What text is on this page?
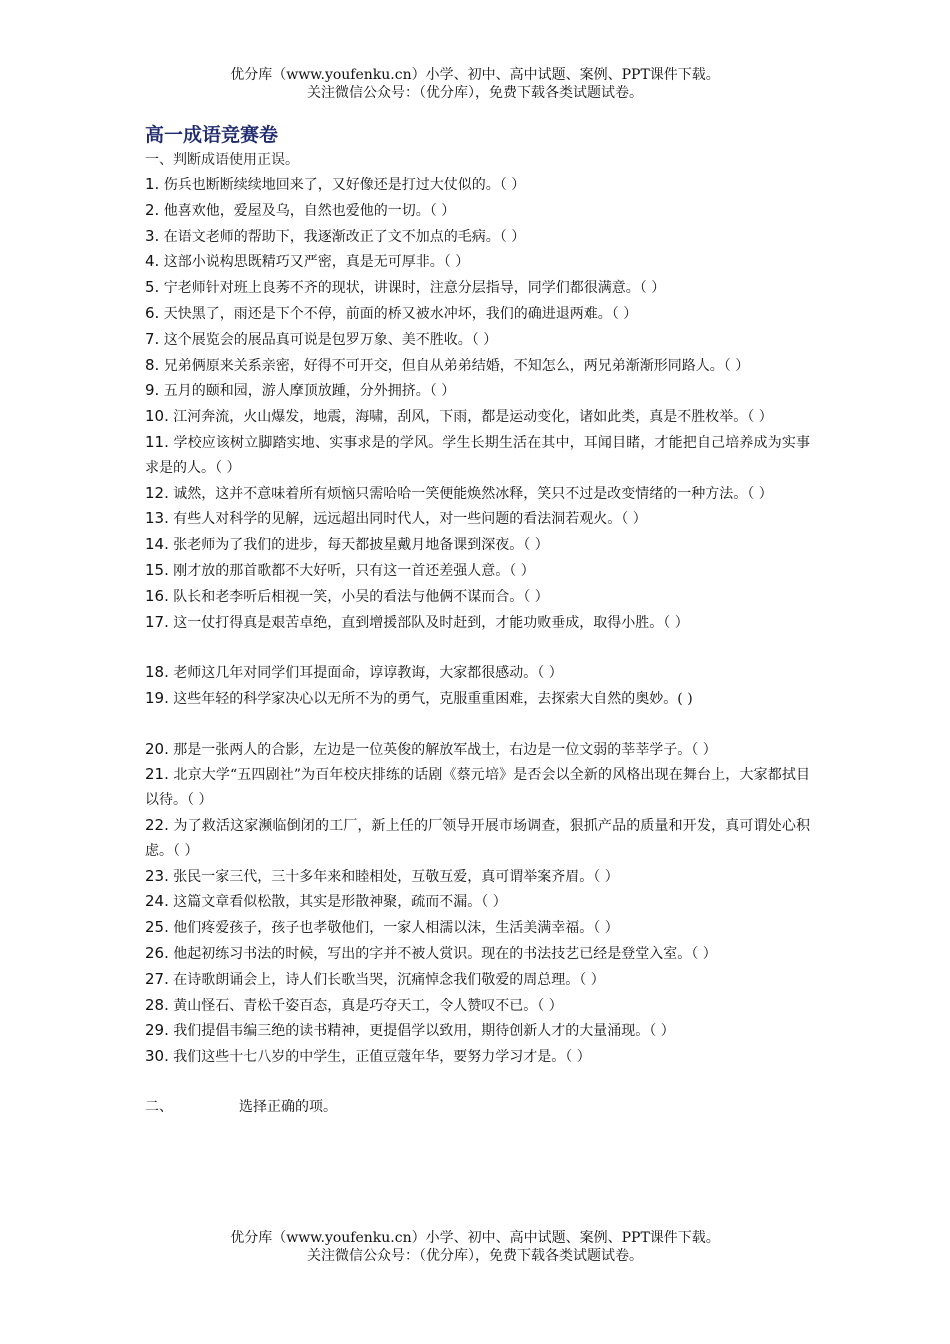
优分库（www.youfenku.cn）小学、初中、高中试题、案例、PPT课件下载。
关注微信公众号：（优分库），免费下载各类试题试卷。
高一成语竞赛卷
一、判断成语使用正误。
1. 伤兵也断断续续地回来了，又好像还是打过大仗似的。（ ）
2. 他喜欢他，爱屋及乌，自然也爱他的一切。（ ）
3. 在语文老师的帮助下，我逐渐改正了文不加点的毛病。（ ）
4. 这部小说构思既精巧又严密，真是无可厚非。（ ）
5. 宁老师针对班上良莠不齐的现状，讲课时，注意分层指导，同学们都很满意。（ ）
6. 天快黑了，雨还是下个不停，前面的桥又被水冲坏，我们的确进退两难。（ ）
7. 这个展览会的展品真可说是包罗万象、美不胜收。（ ）
8. 兄弟俩原来关系亲密，好得不可开交，但自从弟弟结婚，不知怎么，两兄弟渐渐形同路人。（ ）
9. 五月的颐和园，游人摩顶放踵，分外拥挤。（ ）
10. 江河奔流，火山爆发，地震，海啸，刮风，下雨，都是运动变化，诸如此类，真是不胜枚举。（ ）
11. 学校应该树立脚踏实地、实事求是的学风。学生长期生活在其中，耳闻目睹，才能把自己培养成为实事求是的人。（ ）
12. 诚然，这并不意味着所有烦恼只需哈哈一笑便能焕然冰释，笑只不过是改变情绪的一种方法。（ ）
13. 有些人对科学的见解，远远超出同时代人，对一些问题的看法洞若观火。（ ）
14. 张老师为了我们的进步，每天都披星戴月地备课到深夜。（ ）
15. 刚才放的那首歌都不大好听，只有这一首还差强人意。（ ）
16. 队长和老李听后相视一笑，小吴的看法与他俩不谋而合。（ ）
17. 这一仗打得真是艰苦卓绝，直到增援部队及时赶到，才能功败垂成，取得小胜。（ ）
18. 老师这几年对同学们耳提面命，谆谆教诲，大家都很感动。（ ）
19. 这些年轻的科学家决心以无所不为的勇气，克服重重困难，去探索大自然的奥妙。( )
20. 那是一张两人的合影，左边是一位英俊的解放军战士，右边是一位文弱的莘莘学子。（ ）
21. 北京大学“五四剧社”为百年校庆排练的话剧《蔡元培》是否会以全新的风格出现在舞台上，大家都拭目以待。（ ）
22. 为了救活这家濒临倒闭的工厂，新上任的厂领导开展市场调查，狠抓产品的质量和开发，真可谓处心积虑。（ ）
23. 张民一家三代，三十多年来和睦相处，互敬互爱，真可谓举案齐眉。（ ）
24. 这篇文章看似松散，其实是形散神聚，疏而不漏。（ ）
25. 他们疼爱孩子，孩子也孝敬他们，一家人相濡以沫，生活美满幸福。（ ）
26. 他起初练习书法的时候，写出的字并不被人赏识。现在的书法技艺已经是登堂入室。（ ）
27. 在诗歌朗诵会上，诗人们长歌当哭，沉痛悼念我们敬爱的周总理。（ ）
28. 黄山怪石、青松千姿百态，真是巧夺天工，令人赞叹不已。（ ）
29. 我们提倡韦编三绝的读书精神，更提倡学以致用，期待创新人才的大量涌现。（ ）
30. 我们这些十七八岁的中学生，正值豆蔻年华，要努力学习才是。（ ）
二、	选择正确的项。
优分库（www.youfenku.cn）小学、初中、高中试题、案例、PPT课件下载。
关注微信公众号：（优分库），免费下载各类试题试卷。
